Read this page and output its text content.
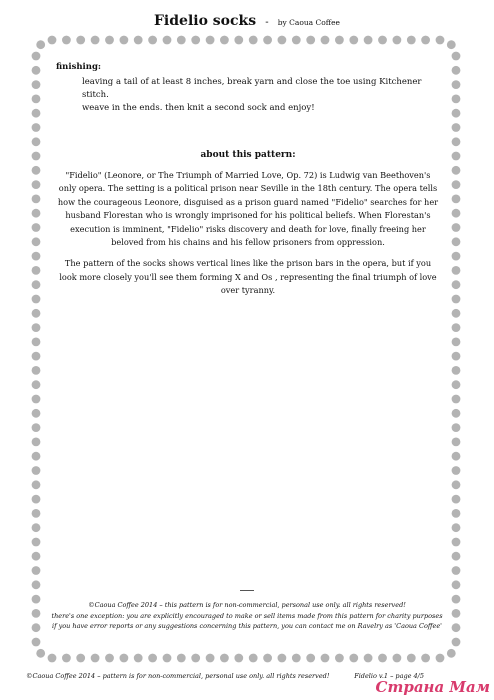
Fidelio socks - by Caoua Coffee
finishing:
leaving a tail of at least 8 inches, break yarn and close the toe using Kitchener stitch.
weave in the ends. then knit a second sock and enjoy!
about this pattern:

"Fidelio" (Leonore, or The Triumph of Married Love, Op. 72) is Ludwig van Beethoven's only opera. The setting is a political prison near Seville in the 18th century. The opera tells how the courageous Leonore, disguised as a prison guard named "Fidelio" searches for her husband Florestan who is wrongly imprisoned for his political beliefs. When Florestan's execution is imminent, "Fidelio" risks discovery and death for love, finally freeing her beloved from his chains and his fellow prisoners from oppression.

The pattern of the socks shows vertical lines like the prison bars in the opera, but if you look more closely you'll see them forming X and Os , representing the final triumph of love over tyranny.

©Caoua Coffee 2014 – this pattern is for non-commercial, personal use only. all rights reserved!
there's one exception: you are explicitly encouraged to make or sell items made from this pattern for charity purposes
if you have error reports or any suggestions concerning this pattern, you can contact me on Ravelry as 'Caoua Coffee'
©Caoua Coffee 2014 – pattern is for non-commercial, personal use only. all rights reserved!	Fidelio v.1 – page 4/5
Страна Мам
